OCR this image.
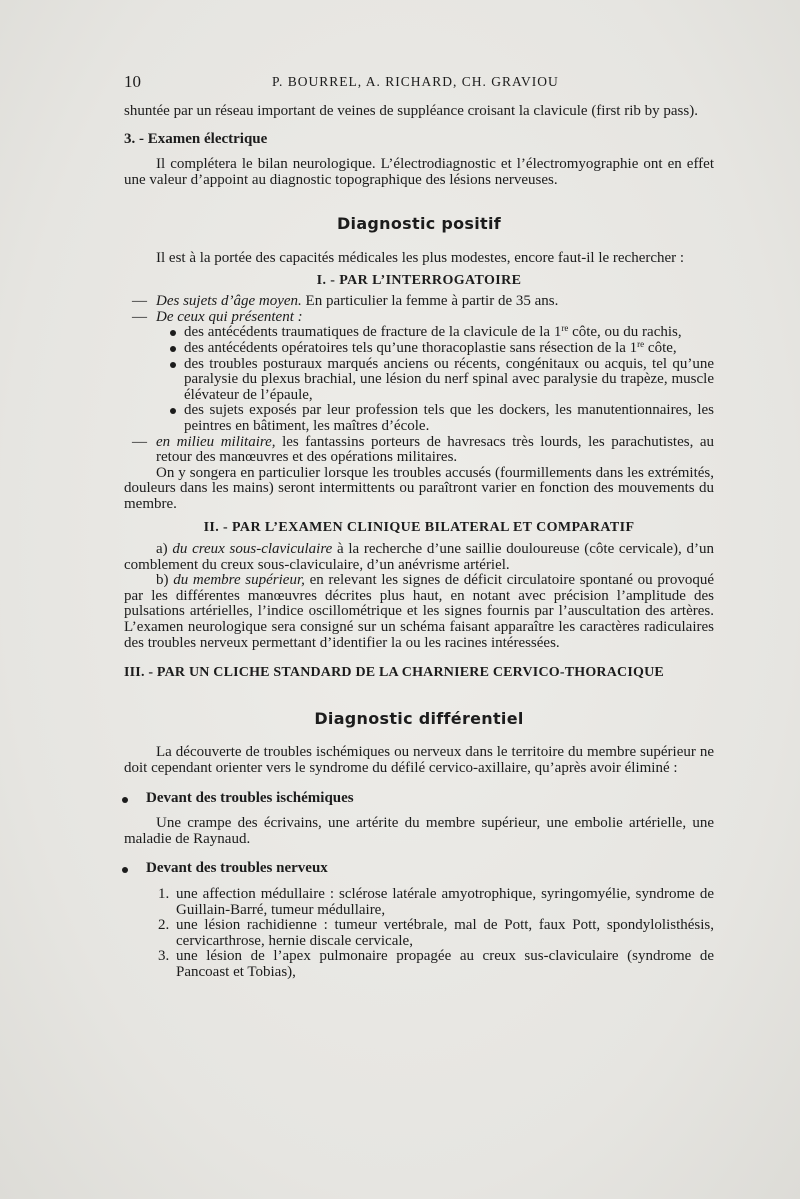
10	P. BOURREL, A. RICHARD, CH. GRAVIOU

shuntée par un réseau important de veines de suppléance croisant la clavicule (first rib by pass).

3. - Examen électrique

Il complétera le bilan neurologique. L’électrodiagnostic et l’électromyographie ont en effet une valeur d’appoint au diagnostic topographique des lésions nerveuses.

Diagnostic positif

Il est à la portée des capacités médicales les plus modestes, encore faut-il le rechercher :

I. - PAR L’INTERROGATOIRE
— Des sujets d’âge moyen. En particulier la femme à partir de 35 ans.
— De ceux qui présentent :
des antécédents traumatiques de fracture de la clavicule de la 1re côte, ou du rachis,
des antécédents opératoires tels qu’une thoracoplastie sans résection de la 1re côte,
des troubles posturaux marqués anciens ou récents, congénitaux ou acquis, tel qu’une paralysie du plexus brachial, une lésion du nerf spinal avec paralysie du trapèze, muscle élévateur de l’épaule,
des sujets exposés par leur profession tels que les dockers, les manutentionnaires, les peintres en bâtiment, les maîtres d’école.
— en milieu militaire, les fantassins porteurs de havresacs très lourds, les parachutistes, au retour des manœuvres et des opérations militaires.

On y songera en particulier lorsque les troubles accusés (fourmillements dans les extrémités, douleurs dans les mains) seront intermittents ou paraîtront varier en fonction des mouvements du membre.

II. - PAR L’EXAMEN CLINIQUE BILATERAL ET COMPARATIF

a) du creux sous-claviculaire à la recherche d’une saillie douloureuse (côte cervicale), d’un comblement du creux sous-claviculaire, d’un anévrisme artériel.

b) du membre supérieur, en relevant les signes de déficit circulatoire spontané ou provoqué par les différentes manœuvres décrites plus haut, en notant avec précision l’amplitude des pulsations artérielles, l’indice oscillométrique et les signes fournis par l’auscultation des artères. L’examen neurologique sera consigné sur un schéma faisant apparaître les caractères radiculaires des troubles nerveux permettant d’identifier la ou les racines intéressées.

III. - PAR UN CLICHE STANDARD DE LA CHARNIERE CERVICO-THORACIQUE
Diagnostic différentiel

La découverte de troubles ischémiques ou nerveux dans le territoire du membre supérieur ne doit cependant orienter vers le syndrome du défilé cervico-axillaire, qu’après avoir éliminé :

Devant des troubles ischémiques

Une crampe des écrivains, une artérite du membre supérieur, une embolie artérielle, une maladie de Raynaud.

Devant des troubles nerveux
1. une affection médullaire : sclérose latérale amyotrophique, syringomyélie, syndrome de Guillain-Barré, tumeur médullaire,
2. une lésion rachidienne : tumeur vertébrale, mal de Pott, faux Pott, spondylolisthésis, cervicarthrose, hernie discale cervicale,
3. une lésion de l’apex pulmonaire propagée au creux sus-claviculaire (syndrome de Pancoast et Tobias),
